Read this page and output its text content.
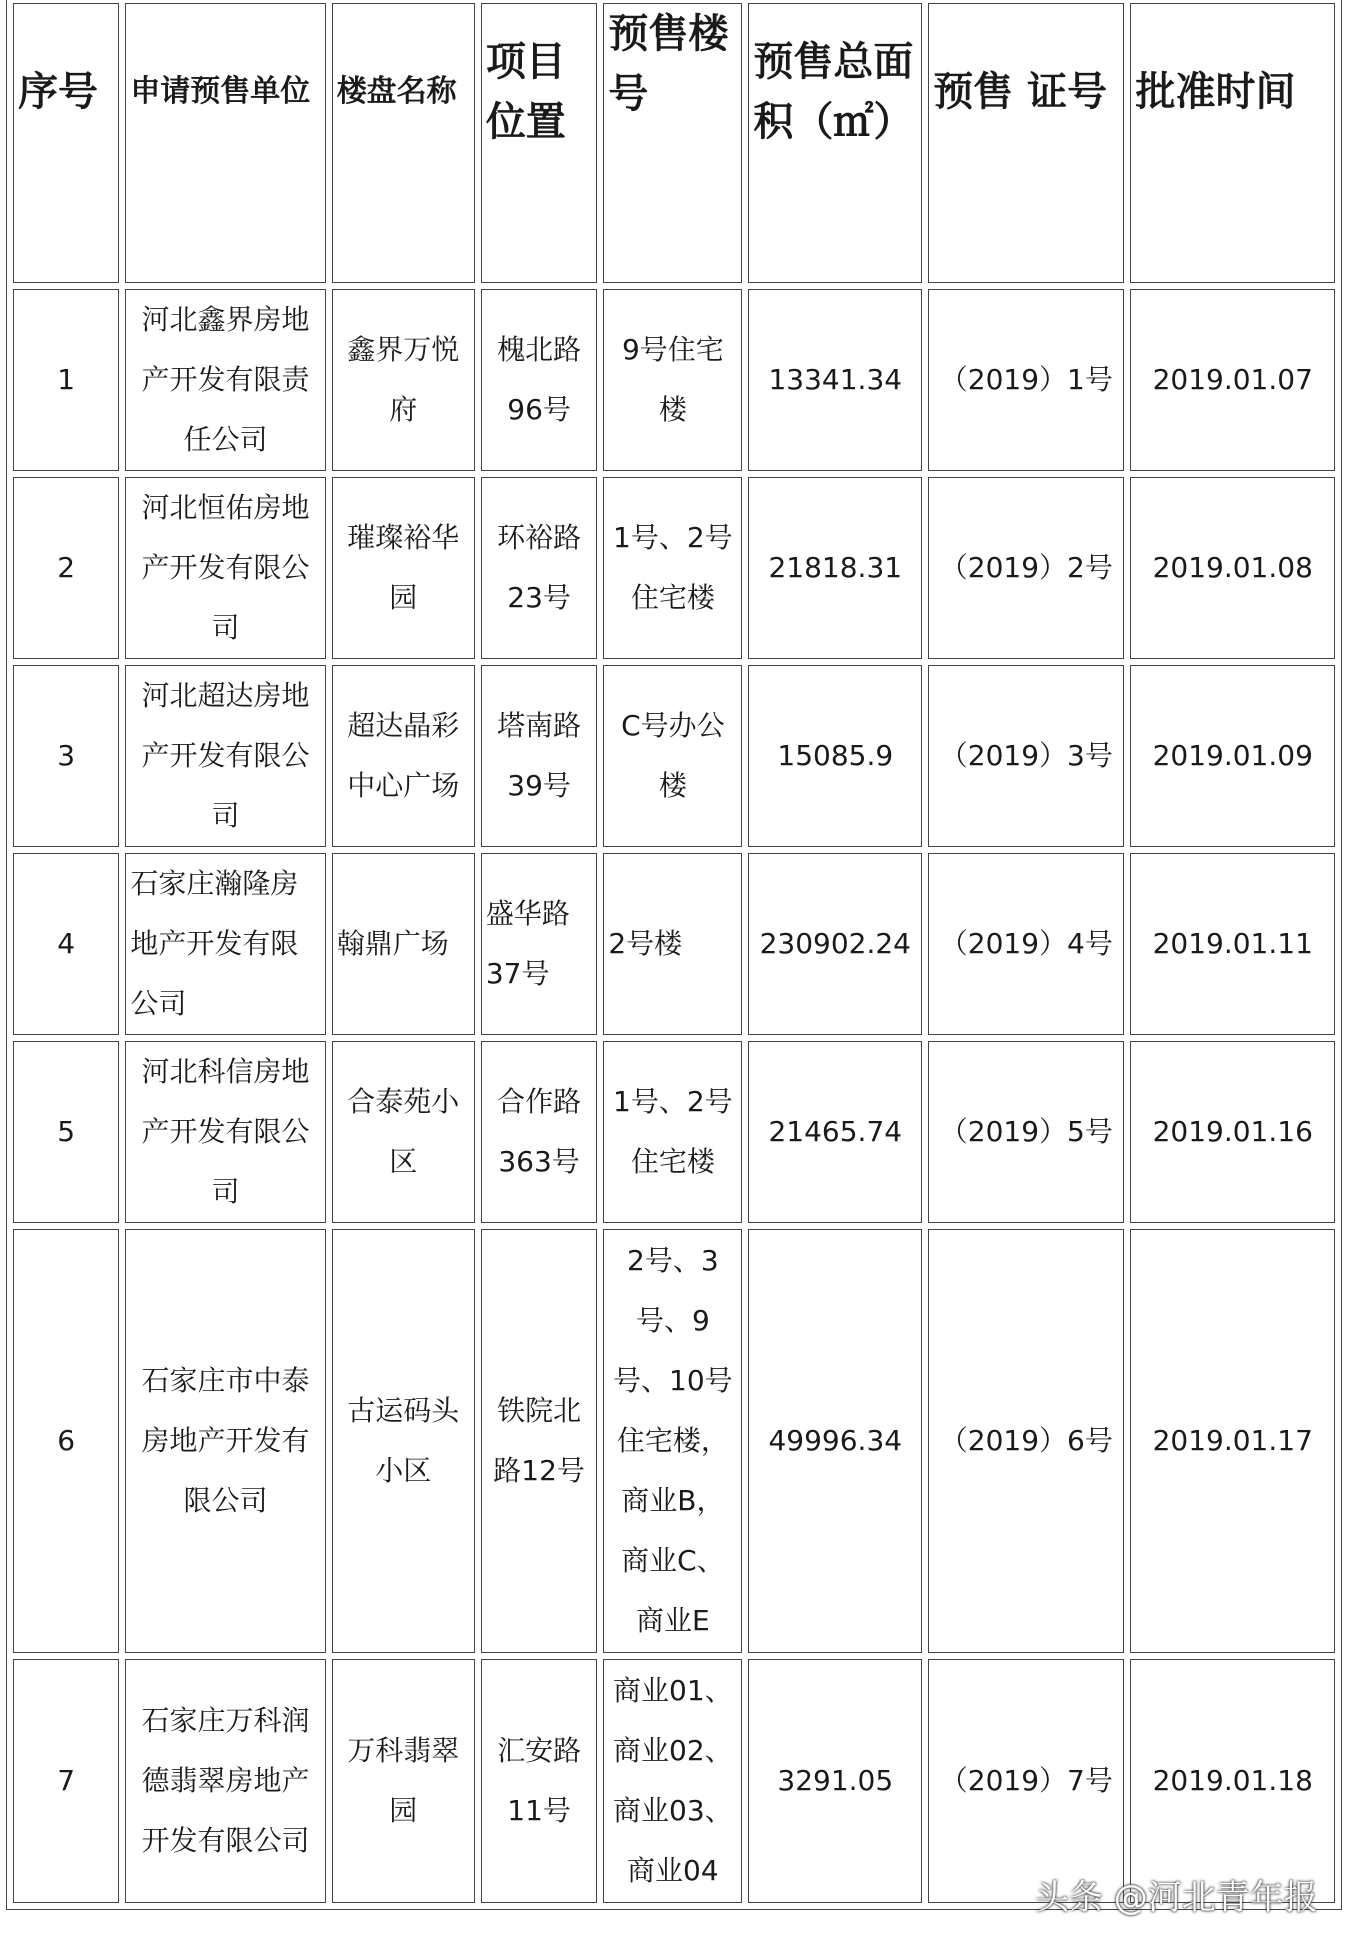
序号	申请预售单位	楼盘名称	项目位置	预售楼号	预售总面积（㎡）	预售 证号	批准时间
1	河北鑫界房地产开发有限责任公司	鑫界万悦府	槐北路96号	9号住宅楼	13341.34	（2019）1号	2019.01.07
2	河北恒佑房地产开发有限公司	璀璨裕华园	环裕路23号	1号、2号住宅楼	21818.31	（2019）2号	2019.01.08
3	河北超达房地产开发有限公司	超达晶彩中心广场	塔南路39号	C号办公楼	15085.9	（2019）3号	2019.01.09
4	石家庄瀚隆房地产开发有限公司	翰鼎广场	盛华路37号	2号楼	230902.24	（2019）4号	2019.01.11
5	河北科信房地产开发有限公司	合泰苑小区	合作路363号	1号、2号住宅楼	21465.74	（2019）5号	2019.01.16
6	石家庄市中泰房地产开发有限公司	古运码头小区	铁院北路12号	2号、3号、9号、10号住宅楼，商业B，商业C、商业E	49996.34	（2019）6号	2019.01.17
7	石家庄万科润德翡翠房地产开发有限公司	万科翡翠园	汇安路11号	商业01、商业02、商业03、商业04	3291.05	（2019）7号	2019.01.18
头条 @河北青年报
